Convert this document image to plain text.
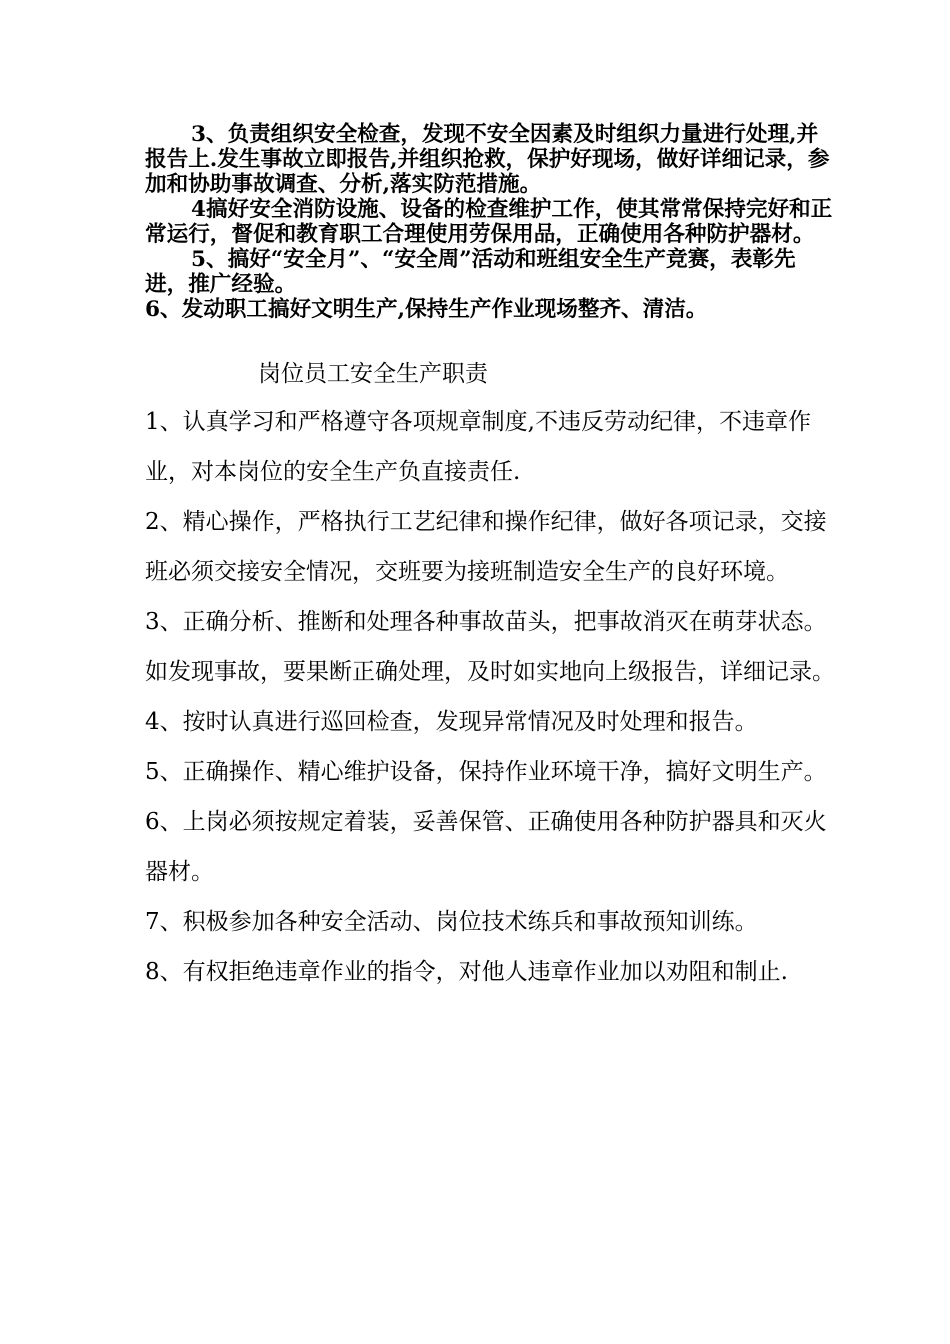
3、负责组织安全检查，发现不安全因素及时组织力量进行处理,并报告上.发生事故立即报告,并组织抢救，保护好现场，做好详细记录，参加和协助事故调查、分析,落实防范措施。

4搞好安全消防设施、设备的检查维护工作，使其常常保持完好和正常运行，督促和教育职工合理使用劳保用品，正确使用各种防护器材。

5、搞好“安全月”、“安全周”活动和班组安全生产竞赛，表彰先进，推广经验。

6、发动职工搞好文明生产,保持生产作业现场整齐、清洁。

岗位员工安全生产职责

1、认真学习和严格遵守各项规章制度,不违反劳动纪律，不违章作业，对本岗位的安全生产负直接责任.

2、精心操作，严格执行工艺纪律和操作纪律，做好各项记录，交接班必须交接安全情况，交班要为接班制造安全生产的良好环境。

3、正确分析、推断和处理各种事故苗头，把事故消灭在萌芽状态。如发现事故，要果断正确处理，及时如实地向上级报告，详细记录。

4、按时认真进行巡回检查，发现异常情况及时处理和报告。

5、正确操作、精心维护设备，保持作业环境干净，搞好文明生产。

6、上岗必须按规定着装，妥善保管、正确使用各种防护器具和灭火器材。

7、积极参加各种安全活动、岗位技术练兵和事故预知训练。

8、有权拒绝违章作业的指令，对他人违章作业加以劝阻和制止.
